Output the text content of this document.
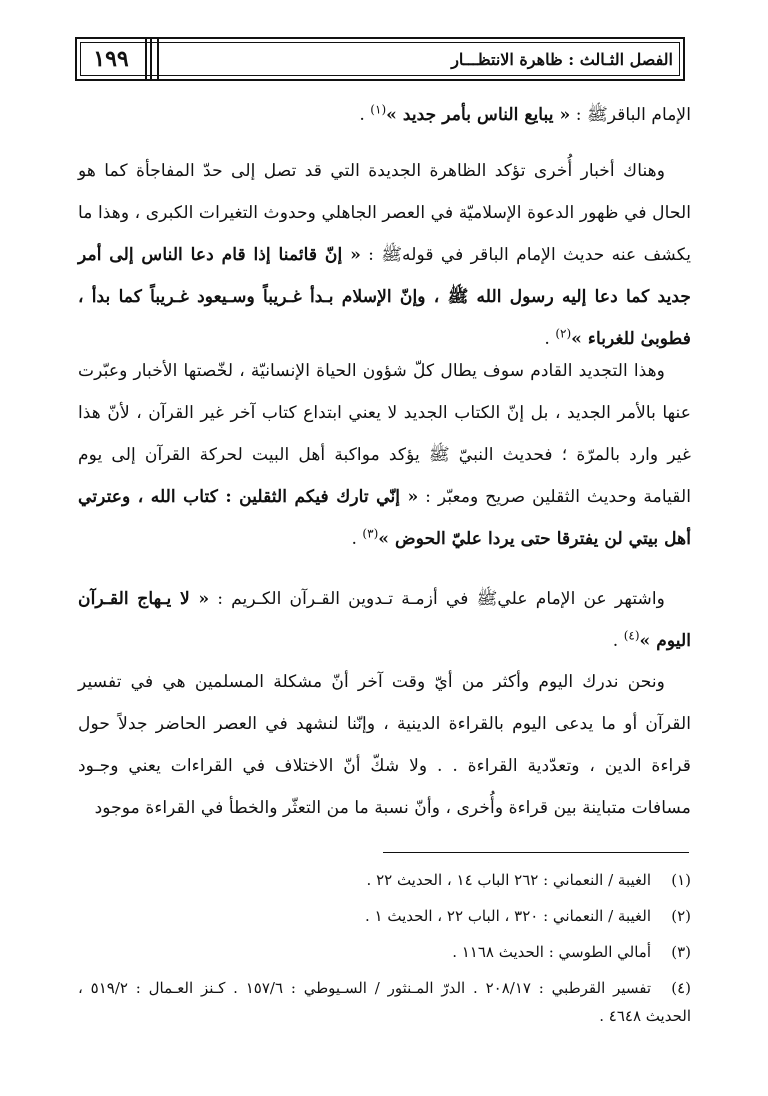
١٩٩	الفصل الثـالث : ظاهرة الانتظـــار

الإمام الباقرﷺ : « يبايع الناس بأمر جديد »$^{(١)}$ .

وهناك أخبار أُخرى تؤكد الظاهرة الجديدة التي قد تصل إلى حدّ المفاجأة كما هو الحال في ظهور الدعوة الإسلاميّة في العصر الجاهلي وحدوث التغيرات الكبرى ، وهذا ما يكشف عنه حديث الإمام الباقر في قولهﷺ : « إنّ قائمنا إذا قام دعا الناس إلى أمر جديد كما دعا إليه رسول الله ﷺ ، وإنّ الإسلام بـدأ غـريباً وسـيعود غـريباً كما بدأ ، فطوبىٰ للغرباء »$^{(٢)}$ .

وهذا التجديد القادم سوف يطال كلّ شؤون الحياة الإنسانيّة ، لخّصتها الأخبار وعبّرت عنها بالأمر الجديد ، بل إنّ الكتاب الجديد لا يعني ابتداع كتاب آخر غير القرآن ، لأنّ هذا غير وارد بالمرّة ؛ فحديث النبيّ ﷺ يؤكد مواكبة أهل البيت لحركة القرآن إلى يوم القيامة وحديث الثقلين صريح ومعبّر : « إنّي تارك فيكم الثقلين : كتاب الله ، وعترتي أهل بيتي لن يفترقا حتى يردا عليّ الحوض »$^{(٣)}$ .

واشتهر عن الإمام عليﷺ في أزمـة تـدوين القـرآن الكـريم : « لا يـهاج القـرآن اليوم »$^{(٤)}$ .

ونحن ندرك اليوم وأكثر من أيّ وقت آخر أنّ مشكلة المسلمين هي في تفسير القرآن أو ما يدعى اليوم بالقراءة الدينية ، وإنّنا لنشهد في العصر الحاضر جدلاً حول قراءة الدين ، وتعدّدية القراءة . . ولا شكّ أنّ الاختلاف في القراءات يعني وجـود مسافات متباينة بين قراءة وأُخرى ، وأنّ نسبة ما من التعثّر والخطأ في القراءة موجود

(١)الغيبة / النعماني : ٢٦٢ الباب ١٤ ، الحديث ٢٢ .

(٢)الغيبة / النعماني : ٣٢٠ ، الباب ٢٢ ، الحديث ١ .

(٣)أمالي الطوسي : الحديث ١١٦٨ .

(٤)تفسير القرطبي : ٢٠٨/١٧ . الدرّ المـنثور / السـيوطي : ١٥٧/٦ . كـنز العـمال : ٥١٩/٢ ، الحديث ٤٦٤٨ .
